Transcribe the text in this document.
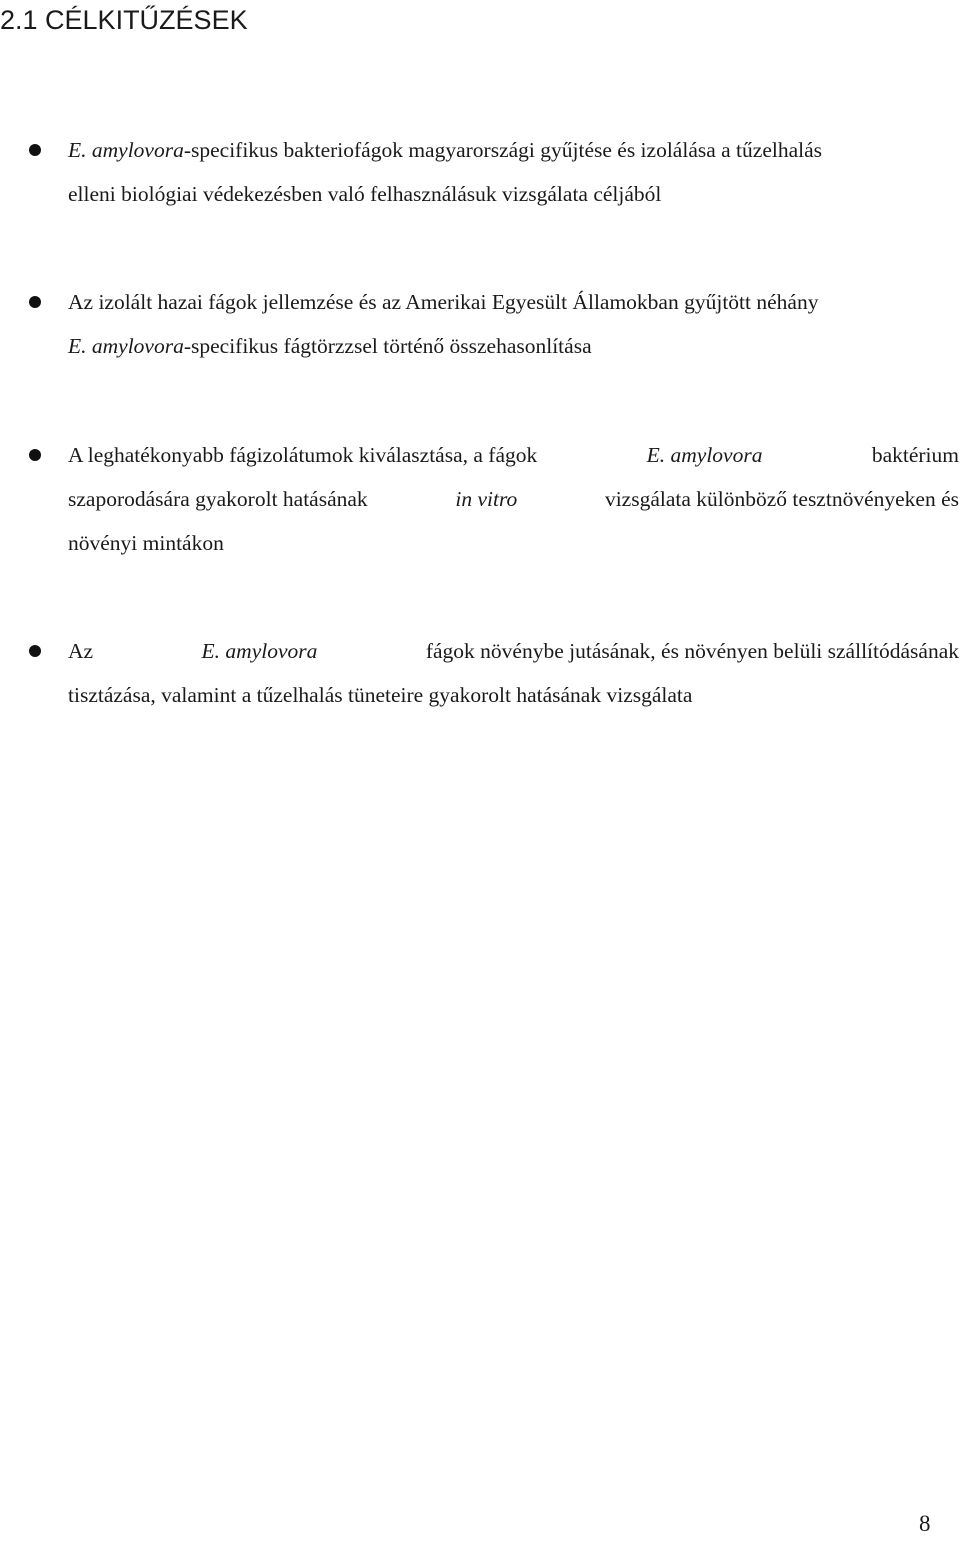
2.1 CÉLKITŰZÉSEK
E. amylovora-specifikus bakteriofágok magyarországi gyűjtése és izolálása a tűzelhalás
elleni biológiai védekezésben való felhasználásuk vizsgálata céljából
Az izolált hazai fágok jellemzése és az Amerikai Egyesült Államokban gyűjtött néhány
E. amylovora-specifikus fágtörzzsel történő összehasonlítása
A leghatékonyabb fágizolátumok kiválasztása, a fágok	E. amylovora	baktérium
szaporodására gyakorolt hatásának	in vitro	vizsgálata különböző tesztnövényeken és
növényi mintákon
Az	E. amylovora	fágok növénybe jutásának, és növényen belüli szállítódásának
tisztázása, valamint a tűzelhalás tüneteire gyakorolt hatásának vizsgálata
8
